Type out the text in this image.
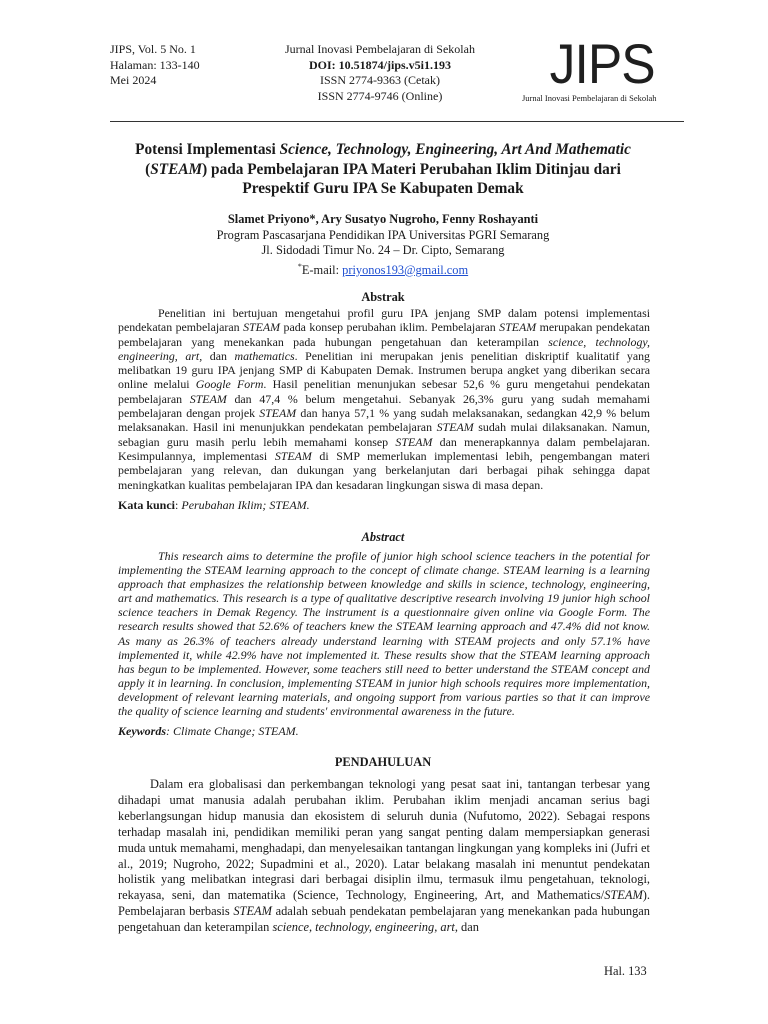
JIPS, Vol. 5 No. 1
Halaman: 133-140
Mei 2024
Jurnal Inovasi Pembelajaran di Sekolah
DOI: 10.51874/jips.v5i1.193
ISSN 2774-9363 (Cetak)
ISSN 2774-9746 (Online)
JIPS
Jurnal Inovasi Pembelajaran di Sekolah
Potensi Implementasi Science, Technology, Engineering, Art And Mathematic (STEAM) pada Pembelajaran IPA Materi Perubahan Iklim Ditinjau dari Prespektif Guru IPA Se Kabupaten Demak
Slamet Priyono*, Ary Susatyo Nugroho, Fenny Roshayanti
Program Pascasarjana Pendidikan IPA Universitas PGRI Semarang
Jl. Sidodadi Timur No. 24 – Dr. Cipto, Semarang
*E-mail: priyonos193@gmail.com
Abstrak
Penelitian ini bertujuan mengetahui profil guru IPA jenjang SMP dalam potensi implementasi pendekatan pembelajaran STEAM pada konsep perubahan iklim. Pembelajaran STEAM merupakan pendekatan pembelajaran yang menekankan pada hubungan pengetahuan dan keterampilan science, technology, engineering, art, dan mathematics. Penelitian ini merupakan jenis penelitian diskriptif kualitatif yang melibatkan 19 guru IPA jenjang SMP di Kabupaten Demak. Instrumen berupa angket yang diberikan secara online melalui Google Form. Hasil penelitian menunjukan sebesar 52,6 % guru mengetahui pendekatan pembelajaran STEAM dan 47,4 % belum mengetahui. Sebanyak 26,3% guru yang sudah memahami pembelajaran dengan projek STEAM dan hanya 57,1 % yang sudah melaksanakan, sedangkan 42,9 % belum melaksanakan. Hasil ini menunjukkan pendekatan pembelajaran STEAM sudah mulai dilaksanakan. Namun, sebagian guru masih perlu lebih memahami konsep STEAM dan menerapkannya dalam pembelajaran. Kesimpulannya, implementasi STEAM di SMP memerlukan implementasi lebih, pengembangan materi pembelajaran yang relevan, dan dukungan yang berkelanjutan dari berbagai pihak sehingga dapat meningkatkan kualitas pembelajaran IPA dan kesadaran lingkungan siswa di masa depan.
Kata kunci: Perubahan Iklim; STEAM.
Abstract
This research aims to determine the profile of junior high school science teachers in the potential for implementing the STEAM learning approach to the concept of climate change. STEAM learning is a learning approach that emphasizes the relationship between knowledge and skills in science, technology, engineering, art and mathematics. This research is a type of qualitative descriptive research involving 19 junior high school science teachers in Demak Regency. The instrument is a questionnaire given online via Google Form. The research results showed that 52.6% of teachers knew the STEAM learning approach and 47.4% did not know. As many as 26.3% of teachers already understand learning with STEAM projects and only 57.1% have implemented it, while 42.9% have not implemented it. These results show that the STEAM learning approach has begun to be implemented. However, some teachers still need to better understand the STEAM concept and apply it in learning. In conclusion, implementing STEAM in junior high schools requires more implementation, development of relevant learning materials, and ongoing support from various parties so that it can improve the quality of science learning and students' environmental awareness in the future.
Keywords: Climate Change; STEAM.
PENDAHULUAN
Dalam era globalisasi dan perkembangan teknologi yang pesat saat ini, tantangan terbesar yang dihadapi umat manusia adalah perubahan iklim. Perubahan iklim menjadi ancaman serius bagi keberlangsungan hidup manusia dan ekosistem di seluruh dunia (Nufutomo, 2022). Sebagai respons terhadap masalah ini, pendidikan memiliki peran yang sangat penting dalam mempersiapkan generasi muda untuk memahami, menghadapi, dan menyelesaikan tantangan lingkungan yang kompleks ini (Jufri et al., 2019; Nugroho, 2022; Supadmini et al., 2020). Latar belakang masalah ini menuntut pendekatan holistik yang melibatkan integrasi dari berbagai disiplin ilmu, termasuk ilmu pengetahuan, teknologi, rekayasa, seni, dan matematika (Science, Technology, Engineering, Art, and Mathematics/STEAM). Pembelajaran berbasis STEAM adalah sebuah pendekatan pembelajaran yang menekankan pada hubungan pengetahuan dan keterampilan science, technology, engineering, art, dan
Hal. 133
